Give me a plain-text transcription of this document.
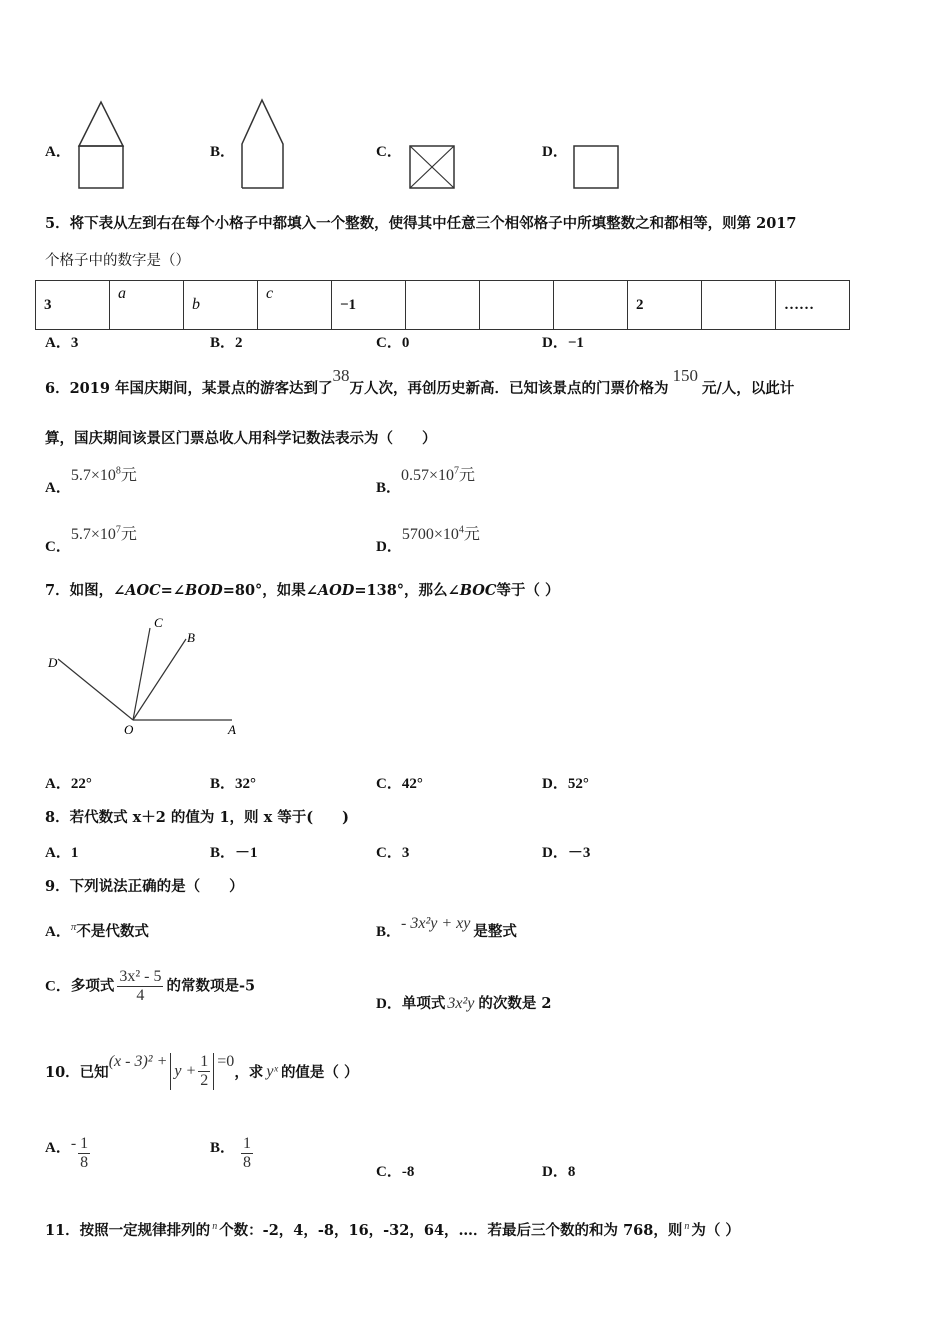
A．	B．	C．	D．
5．将下表从左到右在每个小格子中都填入一个整数，使得其中任意三个相邻格子中所填整数之和都相等，则第 2017
个格子中的数字是（）
3	a	b	c	−1				2		……
A．3	B．2	C．0	D．−1
6．2019 年国庆期间，某景点的游客达到了38万人次，再创历史新高．已知该景点的门票价格为150元/人，以此计
算，国庆期间该景区门票总收人用科学记数法表示为（　　）
A．$5.7\times 10^8$元
B．$0.57\times 10^7$元
C．$5.7\times 10^7$元
D．$5700\times 10^4$元
7．如图，∠AOC=∠BOD=80°，如果∠AOD=138°，那么∠BOC等于（ ）
C
B
D
O	A
A．22°	B．32°	C．42°	D．52°
8．若代数式 x＋2 的值为 1，则 x 等于(　　)
A．1	B．－1	C．3	D．－3
9．下列说法正确的是（　　）
A．$^\pi$不是代数式	B．- 3x²y + xy 是整式
C．多项式 $\frac{\text{3x² - 5}}{4}$ 的常数项是-5
D．单项式 3x²y 的次数是 2
10．已知$(x - 3)^2 +y + \frac{1}{2} =0$，求 yˣ 的值是（ ）
A．- $\frac{1}{8}$	B． $\frac{1}{8}$	C．-8	D．8
11．按照一定规律排列的 $^n$ 个数：-2，4，-8，16，-32，64，…．若最后三个数的和为 768，则 $^n$ 为（ ）
